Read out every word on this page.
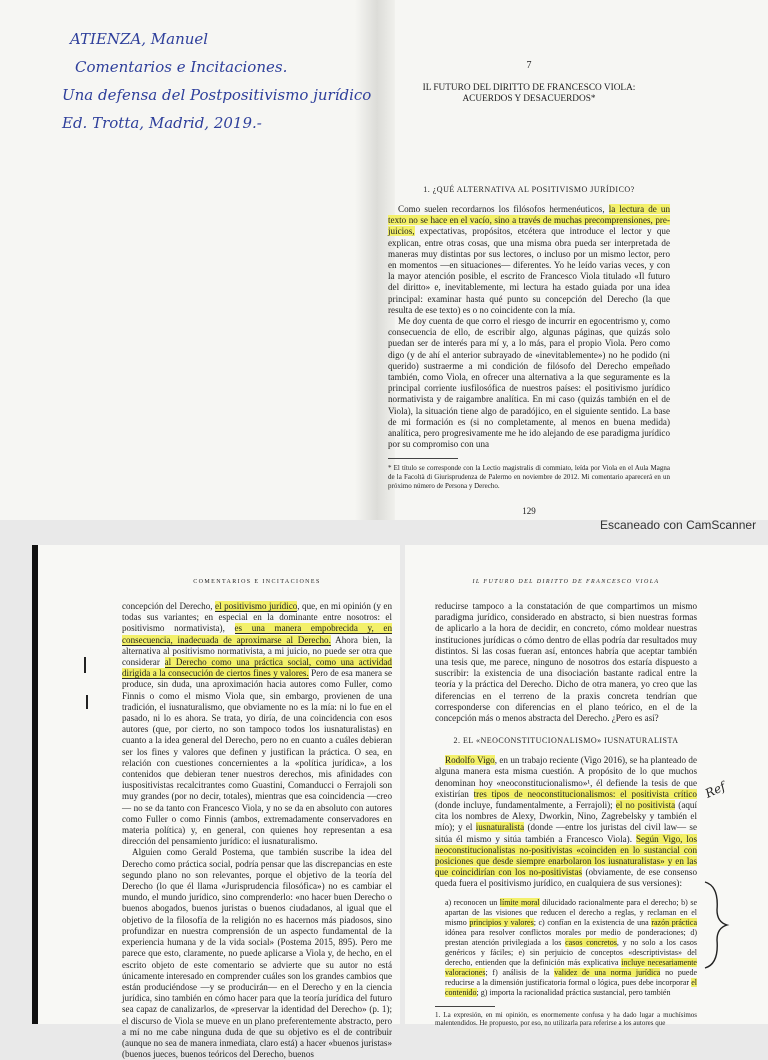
ATIENZA, Manuel
Comentarios e Incitaciones.
Una defensa del Postpositivismo jurídico
Ed. Trotta, Madrid, 2019.-
7
IL FUTURO DEL DIRITTO DE FRANCESCO VIOLA:
ACUERDOS Y DESACUERDOS*
1. ¿QUÉ ALTERNATIVA AL POSITIVISMO JURÍDICO?

Como suelen recordarnos los filósofos hermenéuticos, la lectura de un texto no se hace en el vacío, sino a través de muchas precomprensiones, pre-juicios, expectativas, propósitos, etcétera que introduce el lector y que explican, entre otras cosas, que una misma obra pueda ser interpretada de maneras muy distintas por sus lectores, o incluso por un mismo lector, pero en momentos —en situaciones— diferentes. Yo he leído varias veces, y con la mayor atención posible, el escrito de Francesco Viola titulado «Il futuro del diritto» e, inevitablemente, mi lectura ha estado guiada por una idea principal: examinar hasta qué punto su concepción del Derecho (la que resulta de ese texto) es o no coincidente con la mía.

Me doy cuenta de que corro el riesgo de incurrir en egocentrismo y, como consecuencia de ello, de escribir algo, algunas páginas, que quizás solo puedan ser de interés para mí y, a lo más, para el propio Viola. Pero como digo (y de ahí el anterior subrayado de «inevitablemente») no he podido (ni querido) sustraerme a mi condición de filósofo del Derecho empeñado también, como Viola, en ofrecer una alternativa a la que seguramente es la principal corriente iusfilosófica de nuestros países: el positivismo jurídico normativista y de raigambre analítica. En mi caso (quizás también en el de Viola), la situación tiene algo de paradójico, en el siguiente sentido. La base de mi formación es (si no completamente, al menos en buena medida) analítica, pero progresivamente me he ido alejando de ese paradigma jurídico por su compromiso con una

* El título se corresponde con la Lectio magistralis di commiato, leída por Viola en el Aula Magna de la Facoltà di Giurisprudenza de Palermo en noviembre de 2012. Mi comentario aparecerá en un próximo número de Persona y Derecho.

129
Escaneado con CamScanner
COMENTARIOS E INCITACIONES

concepción del Derecho, el positivismo jurídico, que, en mi opinión (y en todas sus variantes; en especial en la dominante entre nosotros: el positivismo normativista), es una manera empobrecida y, en consecuencia, inadecuada de aproximarse al Derecho. Ahora bien, la alternativa al positivismo normativista, a mi juicio, no puede ser otra que considerar al Derecho como una práctica social, como una actividad dirigida a la consecución de ciertos fines y valores. Pero de esa manera se produce, sin duda, una aproximación hacia autores como Fuller, como Finnis o como el mismo Viola que, sin embargo, provienen de una tradición, el iusnaturalismo, que obviamente no es la mía: ni lo fue en el pasado, ni lo es ahora. Se trata, yo diría, de una coincidencia con esos autores (que, por cierto, no son tampoco todos los iusnaturalistas) en cuanto a la idea general del Derecho, pero no en cuanto a cuáles debieran ser los fines y valores que definen y justifican la práctica. O sea, en relación con cuestiones concernientes a la «política jurídica», a los contenidos que debieran tener nuestros derechos, mis afinidades con iuspositivistas recalcitrantes como Guastini, Comanducci o Ferrajoli son muy grandes (por no decir, totales), mientras que esa coincidencia —creo— no se da tanto con Francesco Viola, y no se da en absoluto con autores como Fuller o como Finnis (ambos, extremadamente conservadores en materia política) y, en general, con quienes hoy representan a esa dirección del pensamiento jurídico: el iusnaturalismo.

Alguien como Gerald Postema, que también suscribe la idea del Derecho como práctica social, podría pensar que las discrepancias en este segundo plano no son relevantes, porque el objetivo de la teoría del Derecho (lo que él llama «Jurisprudencia filosófica») no es cambiar el mundo, el mundo jurídico, sino comprenderlo: «no hacer buen Derecho o buenos abogados, buenos juristas o buenos ciudadanos, al igual que el objetivo de la filosofía de la religión no es hacernos más piadosos, sino profundizar en nuestra comprensión de un aspecto fundamental de la experiencia humana y de la vida social» (Postema 2015, 895). Pero me parece que esto, claramente, no puede aplicarse a Viola y, de hecho, en el escrito objeto de este comentario se advierte que su autor no está únicamente interesado en comprender cuáles son los grandes cambios que están produciéndose —y se producirán— en el Derecho y en la ciencia jurídica, sino también en cómo hacer para que la teoría jurídica del futuro sea capaz de canalizarlos, de «preservar la identidad del Derecho» (p. 1); el discurso de Viola se mueve en un plano preferentemente abstracto, pero a mí no me cabe ninguna duda de que su objetivo es el de contribuir (aunque no sea de manera inmediata, claro está) a hacer «buenos juristas» (buenos jueces, buenos teóricos del Derecho, buenos

IL FUTURO DEL DIRITTO DE FRANCESCO VIOLA

reducirse tampoco a la constatación de que compartimos un mismo paradigma jurídico, considerado en abstracto, si bien nuestras formas de aplicarlo a la hora de decidir, en concreto, cómo moldear nuestras instituciones jurídicas o cómo dentro de ellas podría dar resultados muy distintos. Si las cosas fueran así, entonces habría que aceptar también una tesis que, me parece, ninguno de nosotros dos estaría dispuesto a suscribir: la existencia de una disociación bastante radical entre la teoría y la práctica del Derecho. Dicho de otra manera, yo creo que las diferencias en el terreno de la praxis concreta tendrían que corresponderse con diferencias en el plano teórico, en el de la concepción más o menos abstracta del Derecho. ¿Pero es así?

2. EL «NEOCONSTITUCIONALISMO» IUSNATURALISTA

Rodolfo Vigo, en un trabajo reciente (Vigo 2016), se ha planteado de alguna manera esta misma cuestión. A propósito de lo que muchos denominan hoy «neoconstitucionalismo»¹, él defiende la tesis de que existirían tres tipos de neoconstitucionalismos: el positivista crítico (donde incluye, fundamentalmente, a Ferrajoli); el no positivista (aquí cita los nombres de Alexy, Dworkin, Nino, Zagrebelsky y también el mío); y el iusnaturalista (donde —entre los juristas del civil law— se sitúa él mismo y sitúa también a Francesco Viola). Según Vigo, los neoconstitucionalistas no-positivistas «coinciden en lo sustancial con posiciones que desde siempre enarbolaron los iusnaturalistas» y en las que coincidirían con los no-positivistas (obviamente, de ese consenso queda fuera el positivismo jurídico, en cualquiera de sus versiones):

a) reconocen un límite moral dilucidado racionalmente para el derecho; b) se apartan de las visiones que reducen el derecho a reglas, y reclaman en el mismo principios y valores; c) confían en la existencia de una razón práctica idónea para resolver conflictos morales por medio de ponderaciones; d) prestan atención privilegiada a los casos concretos, y no solo a los casos genéricos y fáciles; e) sin perjuicio de conceptos «descriptivistas» del derecho, entienden que la definición más explicativa incluye necesariamente valoraciones; f) análisis de la validez de una norma jurídica no puede reducirse a la dimensión justificatoria formal o lógica, pues debe incorporar el contenido; g) importa la racionalidad práctica sustancial, pero también

1. La expresión, en mi opinión, es enormemente confusa y ha dado lugar a muchísimos malentendidos. He propuesto, por eso, no utilizarla para referirse a los autores que

Ref
